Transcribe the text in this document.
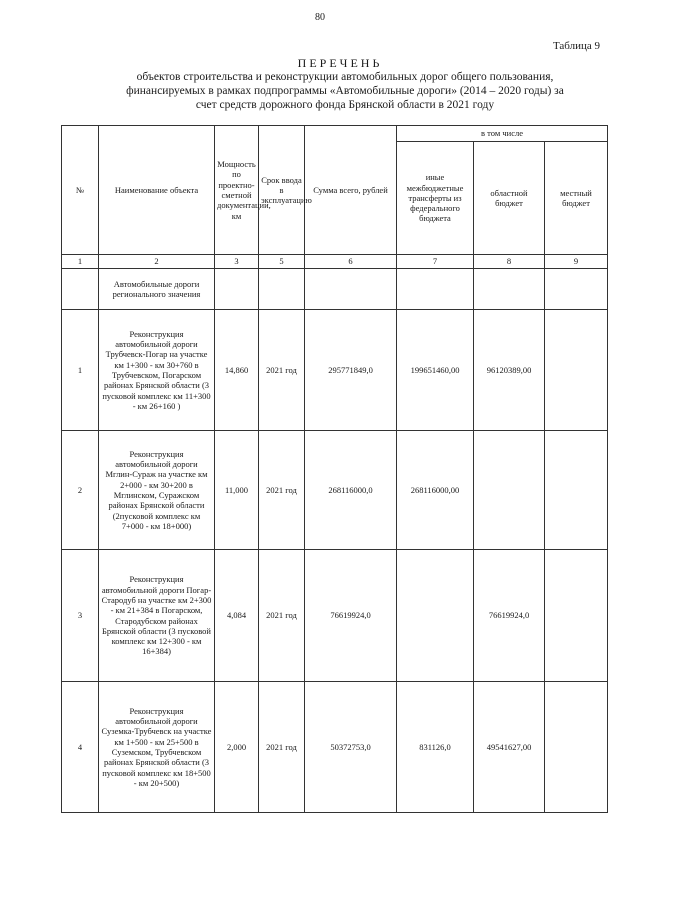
80
Таблица 9
ПЕРЕЧЕНЬ
объектов строительства и реконструкции автомобильных дорог общего пользования,
финансируемых в рамках подпрограммы «Автомобильные дороги» (2014 – 2020 годы) за
счет средств дорожного фонда Брянской области в 2021 году
№	Наименование объекта	Мощность по проектно-сметной документации, км	Срок ввода в эксплуатацию	Сумма всего, рублей	в том числе		
					иные межбюджетные трансферты из федерального бюджета	областной бюджет	местный бюджет
1	2	3	5	6	7	8	9
	Автомобильные дороги регионального значения						
1	Реконструкция автомобильной дороги Трубчевск-Погар на участке км 1+300 - км 30+760 в Трубчевском, Погарском районах Брянской области (3 пусковой комплекс км 11+300 - км 26+160 )	14,860	2021 год	295771849,0	199651460,00	96120389,00	
2	Реконструкция автомобильной дороги Мглин-Сураж на участке км 2+000 - км 30+200 в Мглинском, Суражском районах Брянской области (2пусковой комплекс км 7+000 - км 18+000)	11,000	2021 год	268116000,0	268116000,00		
3	Реконструкция автомобильной дороги Погар-Стародуб на участке км 2+300 - км 21+384 в Погарском, Стародубском районах Брянской области (3 пусковой комплекс км 12+300 - км 16+384)	4,084	2021 год	76619924,0		76619924,0	
4	Реконструкция автомобильной дороги Суземка-Трубчевск на участке км 1+500 - км 25+500 в Суземском, Трубчевском районах Брянской области (3 пусковой комплекс км 18+500 - км 20+500)	2,000	2021 год	50372753,0	831126,0	49541627,00	
